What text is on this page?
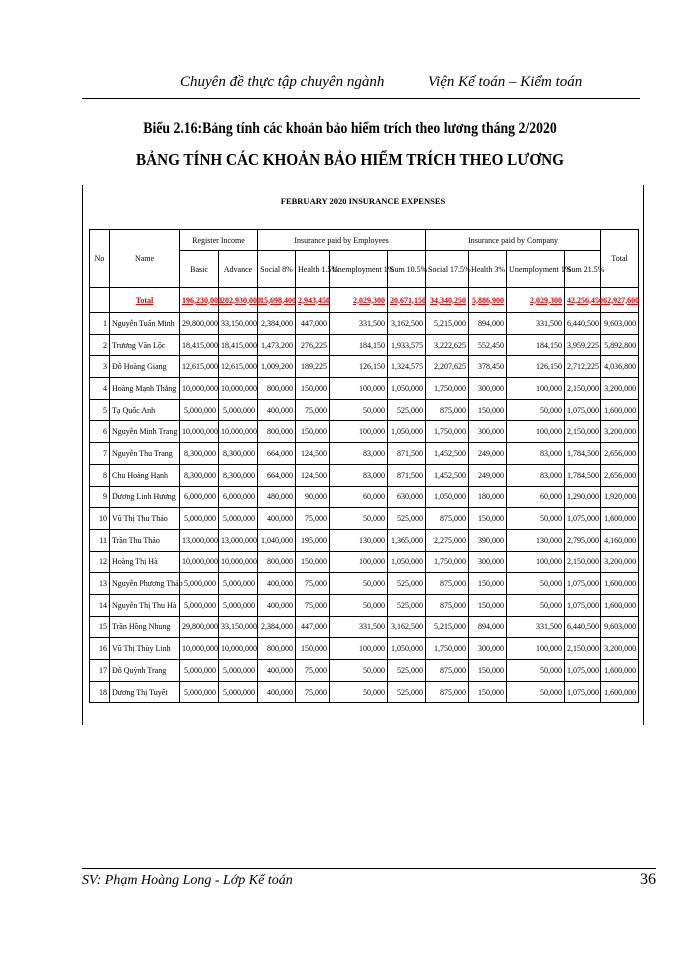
Chuyên đề thực tập chuyên ngành	Viện Kế toán – Kiểm toán
Biểu 2.16:Bảng tính các khoản bảo hiểm trích theo lương tháng 2/2020
BẢNG TÍNH CÁC KHOẢN BẢO HIỂM TRÍCH THEO LƯƠNG
FEBRUARY 2020 INSURANCE EXPENSES
No	Name	Register Income		Insurance paid by Employees				Insurance paid by Company				Total
		Basic	Advance	Social 8%	Health 1.5%	Unemployment 1%	Sum 10.5%	Social 17.5%	Health 3%	Unemployment 1%	Sum 21.5%	
	Total	196,230,000	202,930,000	15,698,400	2,943,450	2,029,300	20,671,150	34,340,250	5,886,900	2,029,300	42,256,450	62,927,600
1	Nguyễn Tuấn Minh	29,800,000	33,150,000	2,384,000	447,000	331,500	3,162,500	5,215,000	894,000	331,500	6,440,500	9,603,000
2	Trương Văn Lộc	18,415,000	18,415,000	1,473,200	276,225	184,150	1,933,575	3,222,625	552,450	184,150	3,959,225	5,892,800
3	Đỗ Hoàng Giang	12,615,000	12,615,000	1,009,200	189,225	126,150	1,324,575	2,207,625	378,450	126,150	2,712,225	4,036,800
4	Hoàng Mạnh Thắng	10,000,000	10,000,000	800,000	150,000	100,000	1,050,000	1,750,000	300,000	100,000	2,150,000	3,200,000
5	Tạ Quốc Anh	5,000,000	5,000,000	400,000	75,000	50,000	525,000	875,000	150,000	50,000	1,075,000	1,600,000
6	Nguyễn Minh Trang	10,000,000	10,000,000	800,000	150,000	100,000	1,050,000	1,750,000	300,000	100,000	2,150,000	3,200,000
7	Nguyễn Thu Trang	8,300,000	8,300,000	664,000	124,500	83,000	871,500	1,452,500	249,000	83,000	1,784,500	2,656,000
8	Chu Hoàng Hạnh	8,300,000	8,300,000	664,000	124,500	83,000	871,500	1,452,500	249,000	83,000	1,784,500	2,656,000
9	Dương Linh Hương	6,000,000	6,000,000	480,000	90,000	60,000	630,000	1,050,000	180,000	60,000	1,290,000	1,920,000
10	Vũ Thị Thu Thảo	5,000,000	5,000,000	400,000	75,000	50,000	525,000	875,000	150,000	50,000	1,075,000	1,600,000
11	Trần Thu Thảo	13,000,000	13,000,000	1,040,000	195,000	130,000	1,365,000	2,275,000	390,000	130,000	2,795,000	4,160,000
12	Hoàng Thị Hà	10,000,000	10,000,000	800,000	150,000	100,000	1,050,000	1,750,000	300,000	100,000	2,150,000	3,200,000
13	Nguyễn Phương Thảo	5,000,000	5,000,000	400,000	75,000	50,000	525,000	875,000	150,000	50,000	1,075,000	1,600,000
14	Nguyễn Thị Thu Hà	5,000,000	5,000,000	400,000	75,000	50,000	525,000	875,000	150,000	50,000	1,075,000	1,600,000
15	Trần Hồng Nhung	29,800,000	33,150,000	2,384,000	447,000	331,500	3,162,500	5,215,000	894,000	331,500	6,440,500	9,603,000
16	Vũ Thị Thùy Linh	10,000,000	10,000,000	800,000	150,000	100,000	1,050,000	1,750,000	300,000	100,000	2,150,000	3,200,000
17	Đỗ Quỳnh Trang	5,000,000	5,000,000	400,000	75,000	50,000	525,000	875,000	150,000	50,000	1,075,000	1,600,000
18	Dương Thị Tuyết	5,000,000	5,000,000	400,000	75,000	50,000	525,000	875,000	150,000	50,000	1,075,000	1,600,000
SV: Phạm Hoàng Long - Lớp Kế toán	36
